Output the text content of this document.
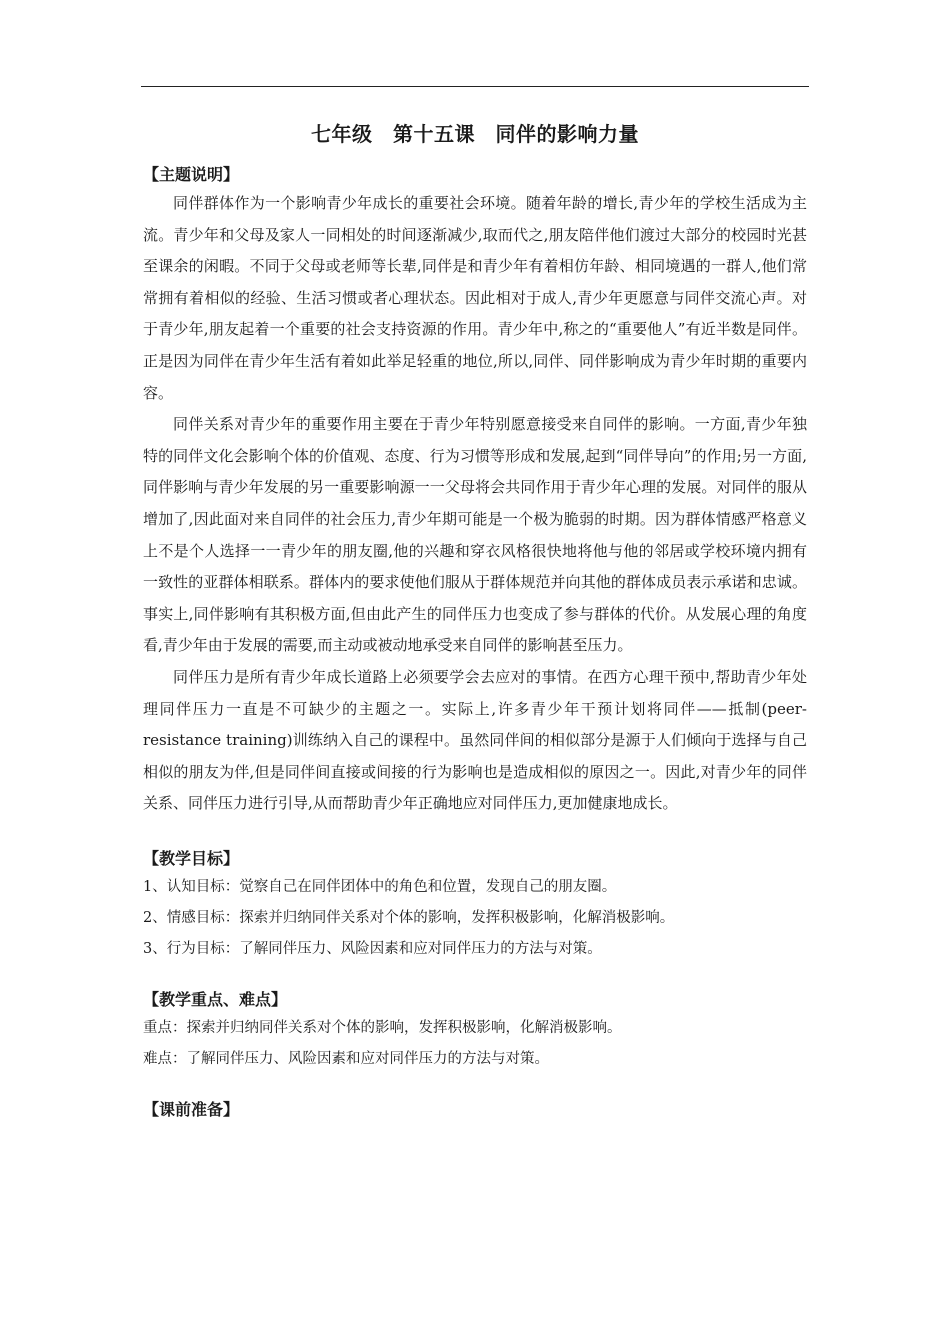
七年级　第十五课　同伴的影响力量

【主题说明】

同伴群体作为一个影响青少年成长的重要社会环境。随着年龄的增长,青少年的学校生活成为主流。青少年和父母及家人一同相处的时间逐渐减少,取而代之,朋友陪伴他们渡过大部分的校园时光甚至课余的闲暇。不同于父母或老师等长辈,同伴是和青少年有着相仿年龄、相同境遇的一群人,他们常常拥有着相似的经验、生活习惯或者心理状态。因此相对于成人,青少年更愿意与同伴交流心声。对于青少年,朋友起着一个重要的社会支持资源的作用。青少年中,称之的“重要他人”有近半数是同伴。正是因为同伴在青少年生活有着如此举足轻重的地位,所以,同伴、同伴影响成为青少年时期的重要内容。

同伴关系对青少年的重要作用主要在于青少年特别愿意接受来自同伴的影响。一方面,青少年独特的同伴文化会影响个体的价值观、态度、行为习惯等形成和发展,起到“同伴导向”的作用;另一方面,同伴影响与青少年发展的另一重要影响源一一父母将会共同作用于青少年心理的发展。对同伴的服从增加了,因此面对来自同伴的社会压力,青少年期可能是一个极为脆弱的时期。因为群体情感严格意义上不是个人选择一一青少年的朋友圈,他的兴趣和穿衣风格很快地将他与他的邻居或学校环境内拥有一致性的亚群体相联系。群体内的要求使他们服从于群体规范并向其他的群体成员表示承诺和忠诚。事实上,同伴影响有其积极方面,但由此产生的同伴压力也变成了参与群体的代价。从发展心理的角度看,青少年由于发展的需要,而主动或被动地承受来自同伴的影响甚至压力。

同伴压力是所有青少年成长道路上必须要学会去应对的事情。在西方心理干预中,帮助青少年处理同伴压力一直是不可缺少的主题之一。实际上,许多青少年干预计划将同伴——抵制(peer-resistance training)训练纳入自己的课程中。虽然同伴间的相似部分是源于人们倾向于选择与自己相似的朋友为伴,但是同伴间直接或间接的行为影响也是造成相似的原因之一。因此,对青少年的同伴关系、同伴压力进行引导,从而帮助青少年正确地应对同伴压力,更加健康地成长。

【教学目标】

1、认知目标：觉察自己在同伴团体中的角色和位置，发现自己的朋友圈。

2、情感目标：探索并归纳同伴关系对个体的影响，发挥积极影响，化解消极影响。

3、行为目标：了解同伴压力、风险因素和应对同伴压力的方法与对策。

【教学重点、难点】

重点：探索并归纳同伴关系对个体的影响，发挥积极影响，化解消极影响。

难点：了解同伴压力、风险因素和应对同伴压力的方法与对策。

【课前准备】
